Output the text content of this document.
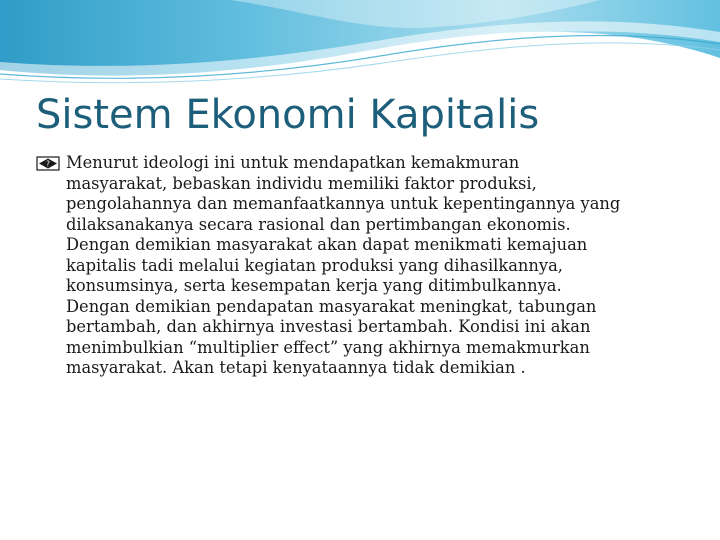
Sistem Ekonomi Kapitalis
? Menurut ideologi ini untuk mendapatkan kemakmuran
masyarakat, bebaskan individu memiliki faktor produksi,
pengolahannya dan memanfaatkannya untuk kepentingannya yang
dilaksanakanya secara rasional dan pertimbangan ekonomis.
Dengan demikian masyarakat akan dapat menikmati kemajuan
kapitalis tadi melalui kegiatan produksi yang dihasilkannya,
konsumsinya, serta kesempatan kerja yang ditimbulkannya.
Dengan demikian pendapatan masyarakat meningkat, tabungan
bertambah, dan akhirnya investasi bertambah. Kondisi ini akan
menimbulkian “multiplier effect” yang akhirnya memakmurkan
masyarakat. Akan tetapi kenyataannya tidak demikian .
